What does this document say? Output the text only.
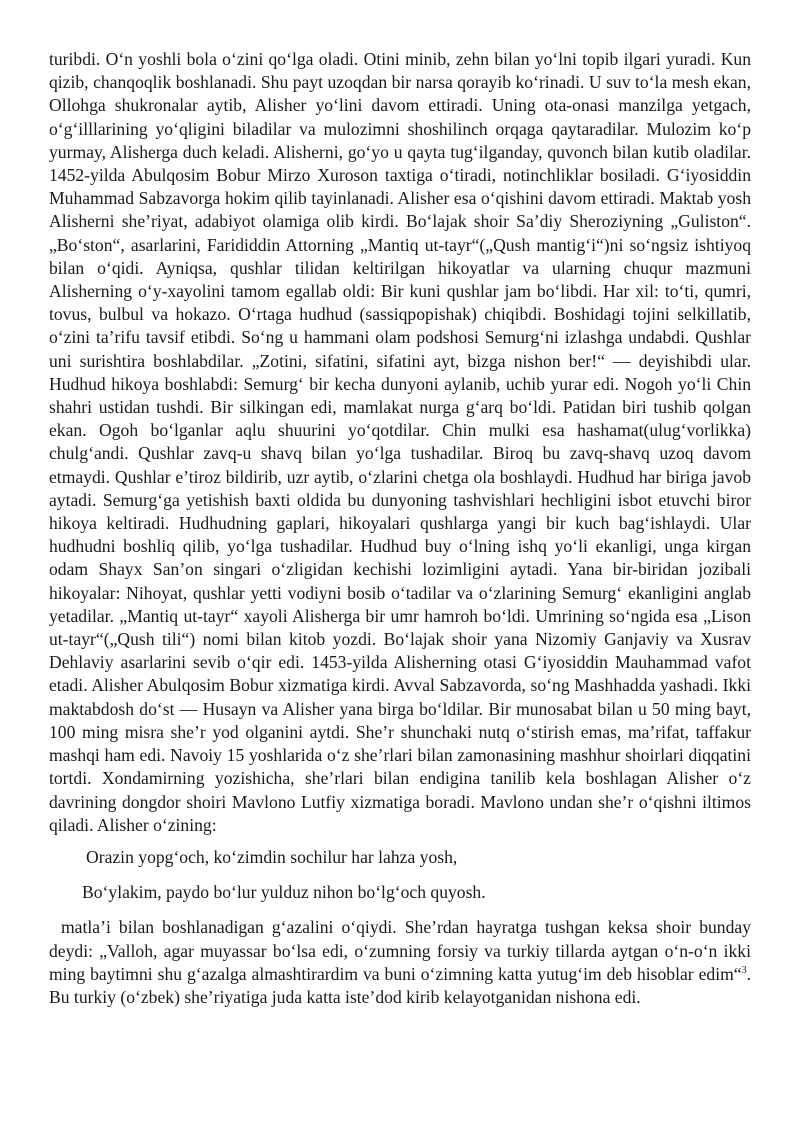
turibdi. O‘n yoshli bola o‘zini qo‘lga oladi. Otini minib, zehn bilan yo‘lni topib ilgari yuradi. Kun qizib, chanqoqlik boshlanadi. Shu payt uzoqdan bir narsa qorayib ko‘rinadi. U suv to‘la mesh ekan, Ollohga shukronalar aytib, Alisher yo‘lini davom ettiradi. Uning ota-onasi manzilga yetgach, o‘g‘illlarining yo‘qligini biladilar va mulozimni shoshilinch orqaga qaytaradilar. Mulozim ko‘p yurmay, Alisherga duch keladi. Alisherni, go‘yo u qayta tug‘ilganday, quvonch bilan kutib oladilar. 1452-yilda Abulqosim Bobur Mirzo Xuroson taxtiga o‘tiradi, notinchliklar bosiladi. G‘iyosiddin Muhammad Sabzavorga hokim qilib tayinlanadi. Alisher esa o‘qishini davom ettiradi. Maktab yosh Alisherni she’riyat, adabiyot olamiga olib kirdi. Bo‘lajak shoir Sa’diy Sheroziyning „Guliston“. „Bo‘ston“, asarlarini, Farididdin Attorning „Mantiq ut-tayr“(„Qush mantig‘i“)ni so‘ngsiz ishtiyoq bilan o‘qidi. Ayniqsa, qushlar tilidan keltirilgan hikoyatlar va ularning chuqur mazmuni Alisherning o‘y-xayolini tamom egallab oldi: Bir kuni qushlar jam bo‘libdi. Har xil: to‘ti, qumri, tovus, bulbul va hokazo. O‘rtaga hudhud (sassiqpopishak) chiqibdi. Boshidagi tojini selkillatib, o‘zini ta’rifu tavsif etibdi. So‘ng u hammani olam podshosi Semurg‘ni izlashga undabdi. Qushlar uni surishtira boshlabdilar. „Zotini, sifatini, sifatini ayt, bizga nishon ber!“ — deyishibdi ular. Hudhud hikoya boshlabdi: Semurg‘ bir kecha dunyoni aylanib, uchib yurar edi. Nogoh yo‘li Chin shahri ustidan tushdi. Bir silkingan edi, mamlakat nurga g‘arq bo‘ldi. Patidan biri tushib qolgan ekan. Ogoh bo‘lganlar aqlu shuurini yo‘qotdilar. Chin mulki esa hashamat(ulug‘vorlikka) chulg‘andi. Qushlar zavq-u shavq bilan yo‘lga tushadilar. Biroq bu zavq-shavq uzoq davom etmaydi. Qushlar e’tiroz bildirib, uzr aytib, o‘zlarini chetga ola boshlaydi. Hudhud har biriga javob aytadi. Semurg‘ga yetishish baxti oldida bu dunyoning tashvishlari hechligini isbot etuvchi biror hikoya keltiradi. Hudhudning gaplari, hikoyalari qushlarga yangi bir kuch bag‘ishlaydi. Ular hudhudni boshliq qilib, yo‘lga tushadilar. Hudhud buy o‘lning ishq yo‘li ekanligi, unga kirgan odam Shayx San’on singari o‘zligidan kechishi lozimligini aytadi. Yana bir-biridan jozibali hikoyalar: Nihoyat, qushlar yetti vodiyni bosib o‘tadilar va o‘zlarining Semurg‘ ekanligini anglab yetadilar. „Mantiq ut-tayr“ xayoli Alisherga bir umr hamroh bo‘ldi. Umrining so‘ngida esa „Lison ut-tayr“(„Qush tili“) nomi bilan kitob yozdi. Bo‘lajak shoir yana Nizomiy Ganjaviy va Xusrav Dehlaviy asarlarini sevib o‘qir edi. 1453-yilda Alisherning otasi G‘iyosiddin Mauhammad vafot etadi. Alisher Abulqosim Bobur xizmatiga kirdi. Avval Sabzavorda, so‘ng Mashhadda yashadi. Ikki maktabdosh do‘st — Husayn va Alisher yana birga bo‘ldilar. Bir munosabat bilan u 50 ming bayt, 100 ming misra she’r yod olganini aytdi. She’r shunchaki nutq o‘stirish emas, ma’rifat, taffakur mashqi ham edi. Navoiy 15 yoshlarida o‘z she’rlari bilan zamonasining mashhur shoirlari diqqatini tortdi. Xondamirning yozishicha, she’rlari bilan endigina tanilib kela boshlagan Alisher o‘z davrining dongdor shoiri Mavlono Lutfiy xizmatiga boradi. Mavlono undan she’r o‘qishni iltimos qiladi. Alisher o‘zining:

Orazin yopg‘och, ko‘zimdin sochilur har lahza yosh,

Bo‘ylakim, paydo bo‘lur yulduz nihon bo‘lg‘och quyosh.

matla’i bilan boshlanadigan g‘azalini o‘qiydi. She’rdan hayratga tushgan keksa shoir bunday deydi: „Valloh, agar muyassar bo‘lsa edi, o‘zumning forsiy va turkiy tillarda aytgan o‘n-o‘n ikki ming baytimni shu g‘azalga almashtirardim va buni o‘zimning katta yutug‘im deb hisoblar edim“$^3$. Bu turkiy (o‘zbek) she’riyatiga juda katta iste’dod kirib kelayotganidan nishona edi.
